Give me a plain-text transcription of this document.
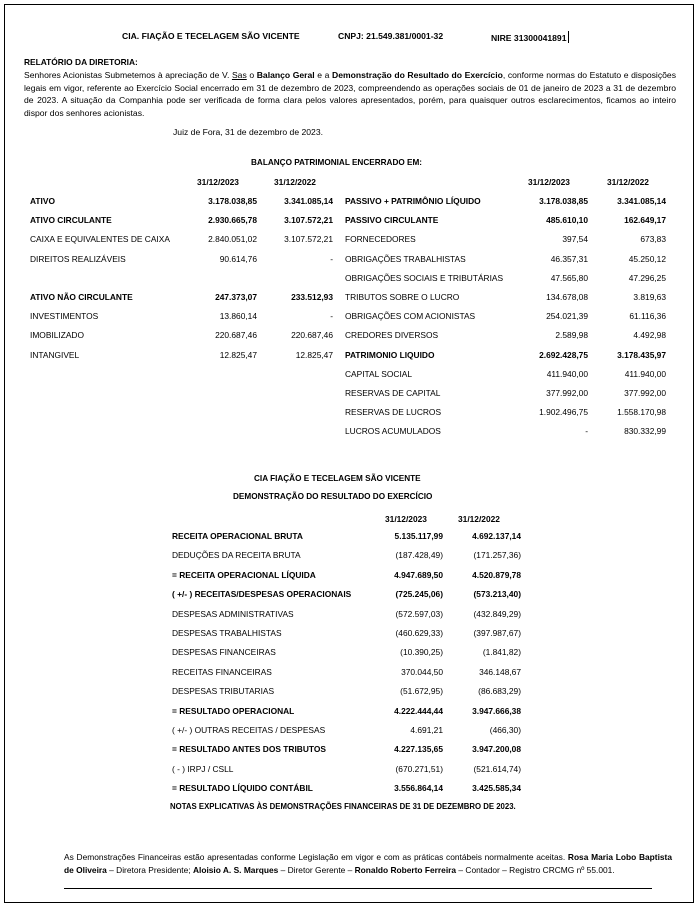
CIA. FIAÇÃO E TECELAGEM SÃO VICENTE	CNPJ: 21.549.381/0001-32	NIRE 31300041891
RELATÓRIO DA DIRETORIA:
Senhores Acionistas Submetemos à apreciação de V. Sas o Balanço Geral e a Demonstração do Resultado do Exercício, conforme normas do Estatuto e disposições legais em vigor, referente ao Exercício Social encerrado em 31 de dezembro de 2023, compreendendo as operações sociais de 01 de janeiro de 2023 a 31 de dezembro de 2023. A situação da Companhia pode ser verificada de forma clara pelos valores apresentados, porém, para quaisquer outros esclarecimentos, ficamos ao inteiro dispor dos senhores acionistas.
Juiz de Fora, 31 de dezembro de 2023.
BALANÇO PATRIMONIAL ENCERRADO EM:
31/12/2023	31/12/2022	31/12/2023	31/12/2022
ATIVO	3.178.038,85	3.341.085,14
ATIVO CIRCULANTE	2.930.665,78	3.107.572,21
CAIXA E EQUIVALENTES DE CAIXA	2.840.051,02	3.107.572,21
DIREITOS REALIZÁVEIS	90.614,76	-
ATIVO NÃO CIRCULANTE	247.373,07	233.512,93
INVESTIMENTOS	13.860,14	-
IMOBILIZADO	220.687,46	220.687,46
INTANGIVEL	12.825,47	12.825,47
PASSIVO + PATRIMÔNIO LÍQUIDO	3.178.038,85	3.341.085,14
PASSIVO CIRCULANTE	485.610,10	162.649,17
FORNECEDORES	397,54	673,83
OBRIGAÇÕES TRABALHISTAS	46.357,31	45.250,12
OBRIGAÇÕES SOCIAIS E TRIBUTÁRIAS	47.565,80	47.296,25
TRIBUTOS SOBRE O LUCRO	134.678,08	3.819,63
OBRIGAÇÕES COM ACIONISTAS	254.021,39	61.116,36
CREDORES DIVERSOS	2.589,98	4.492,98
PATRIMONIO LIQUIDO	2.692.428,75	3.178.435,97
CAPITAL SOCIAL	411.940,00	411.940,00
RESERVAS DE CAPITAL	377.992,00	377.992,00
RESERVAS DE LUCROS	1.902.496,75	1.558.170,98
LUCROS ACUMULADOS	-	830.332,99
CIA FIAÇÃO E TECELAGEM SÃO VICENTE
DEMONSTRAÇÃO DO RESULTADO DO EXERCÍCIO
31/12/2023	31/12/2022
RECEITA OPERACIONAL BRUTA	5.135.117,99	4.692.137,14
DEDUÇÕES DA RECEITA BRUTA	(187.428,49)	(171.257,36)
= RECEITA OPERACIONAL LÍQUIDA	4.947.689,50	4.520.879,78
( +/- ) RECEITAS/DESPESAS OPERACIONAIS	(725.245,06)	(573.213,40)
DESPESAS ADMINISTRATIVAS	(572.597,03)	(432.849,29)
DESPESAS TRABALHISTAS	(460.629,33)	(397.987,67)
DESPESAS FINANCEIRAS	(10.390,25)	(1.841,82)
RECEITAS FINANCEIRAS	370.044,50	346.148,67
DESPESAS TRIBUTARIAS	(51.672,95)	(86.683,29)
= RESULTADO OPERACIONAL	4.222.444,44	3.947.666,38
( +/- ) OUTRAS RECEITAS / DESPESAS	4.691,21	(466,30)
= RESULTADO ANTES DOS TRIBUTOS	4.227.135,65	3.947.200,08
( - ) IRPJ / CSLL	(670.271,51)	(521.614,74)
= RESULTADO LÍQUIDO CONTÁBIL	3.556.864,14	3.425.585,34
NOTAS EXPLICATIVAS ÀS DEMONSTRAÇÕES FINANCEIRAS DE 31 DE DEZEMBRO DE 2023.
As Demonstrações Financeiras estão apresentadas conforme Legislação em vigor e com as práticas contábeis normalmente aceitas. Rosa Maria Lobo Baptista de Oliveira – Diretora Presidente; Aloisio A. S. Marques – Diretor Gerente – Ronaldo Roberto Ferreira – Contador – Registro CRCMG nº 55.001.
